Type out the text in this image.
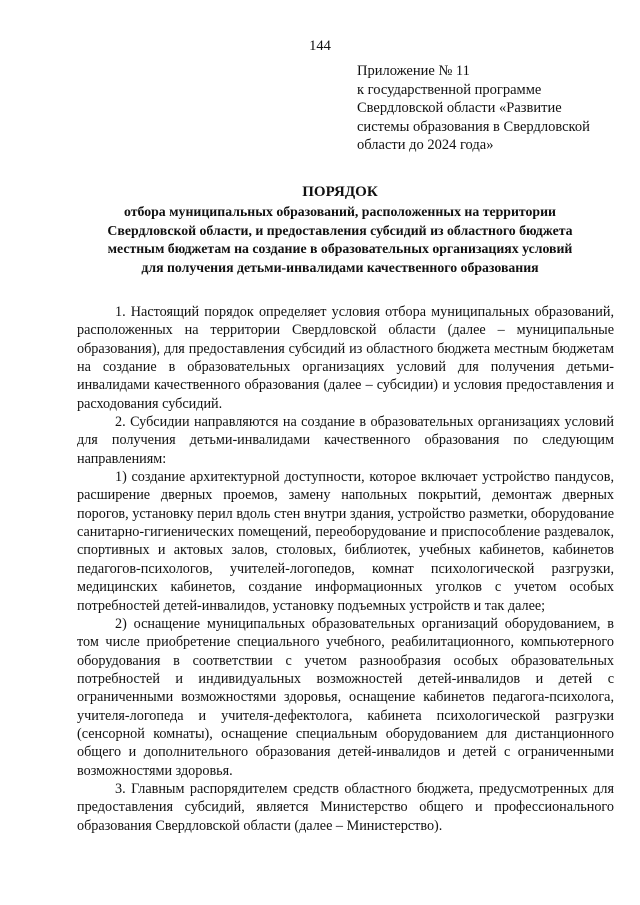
144
Приложение № 11
к государственной программе
Свердловской области «Развитие
системы образования в Свердловской
области до 2024 года»
ПОРЯДОК
отбора муниципальных образований, расположенных на территории
Свердловской области, и предоставления субсидий из областного бюджета
местным бюджетам на создание в образовательных организациях условий
для получения детьми-инвалидами качественного образования

1. Настоящий порядок определяет условия отбора муниципальных образований, расположенных на территории Свердловской области (далее – муниципальные образования), для предоставления субсидий из областного бюджета местным бюджетам на создание в образовательных организациях условий для получения детьми-инвалидами качественного образования (далее – субсидии) и условия предоставления и расходования субсидий.

2. Субсидии направляются на создание в образовательных организациях условий для получения детьми-инвалидами качественного образования по следующим направлениям:

1) создание архитектурной доступности, которое включает устройство пандусов, расширение дверных проемов, замену напольных покрытий, демонтаж дверных порогов, установку перил вдоль стен внутри здания, устройство разметки, оборудование санитарно-гигиенических помещений, переоборудование и приспособление раздевалок, спортивных и актовых залов, столовых, библиотек, учебных кабинетов, кабинетов педагогов-психологов, учителей-логопедов, комнат психологической разгрузки, медицинских кабинетов, создание информационных уголков с учетом особых потребностей детей-инвалидов, установку подъемных устройств и так далее;

2) оснащение муниципальных образовательных организаций оборудованием, в том числе приобретение специального учебного, реабилитационного, компьютерного оборудования в соответствии с учетом разнообразия особых образовательных потребностей и индивидуальных возможностей детей-инвалидов и детей с ограниченными возможностями здоровья, оснащение кабинетов педагога-психолога, учителя-логопеда и учителя-дефектолога, кабинета психологической разгрузки (сенсорной комнаты), оснащение специальным оборудованием для дистанционного общего и дополнительного образования детей-инвалидов и детей с ограниченными возможностями здоровья.

3. Главным распорядителем средств областного бюджета, предусмотренных для предоставления субсидий, является Министерство общего и профессионального образования Свердловской области (далее – Министерство).
